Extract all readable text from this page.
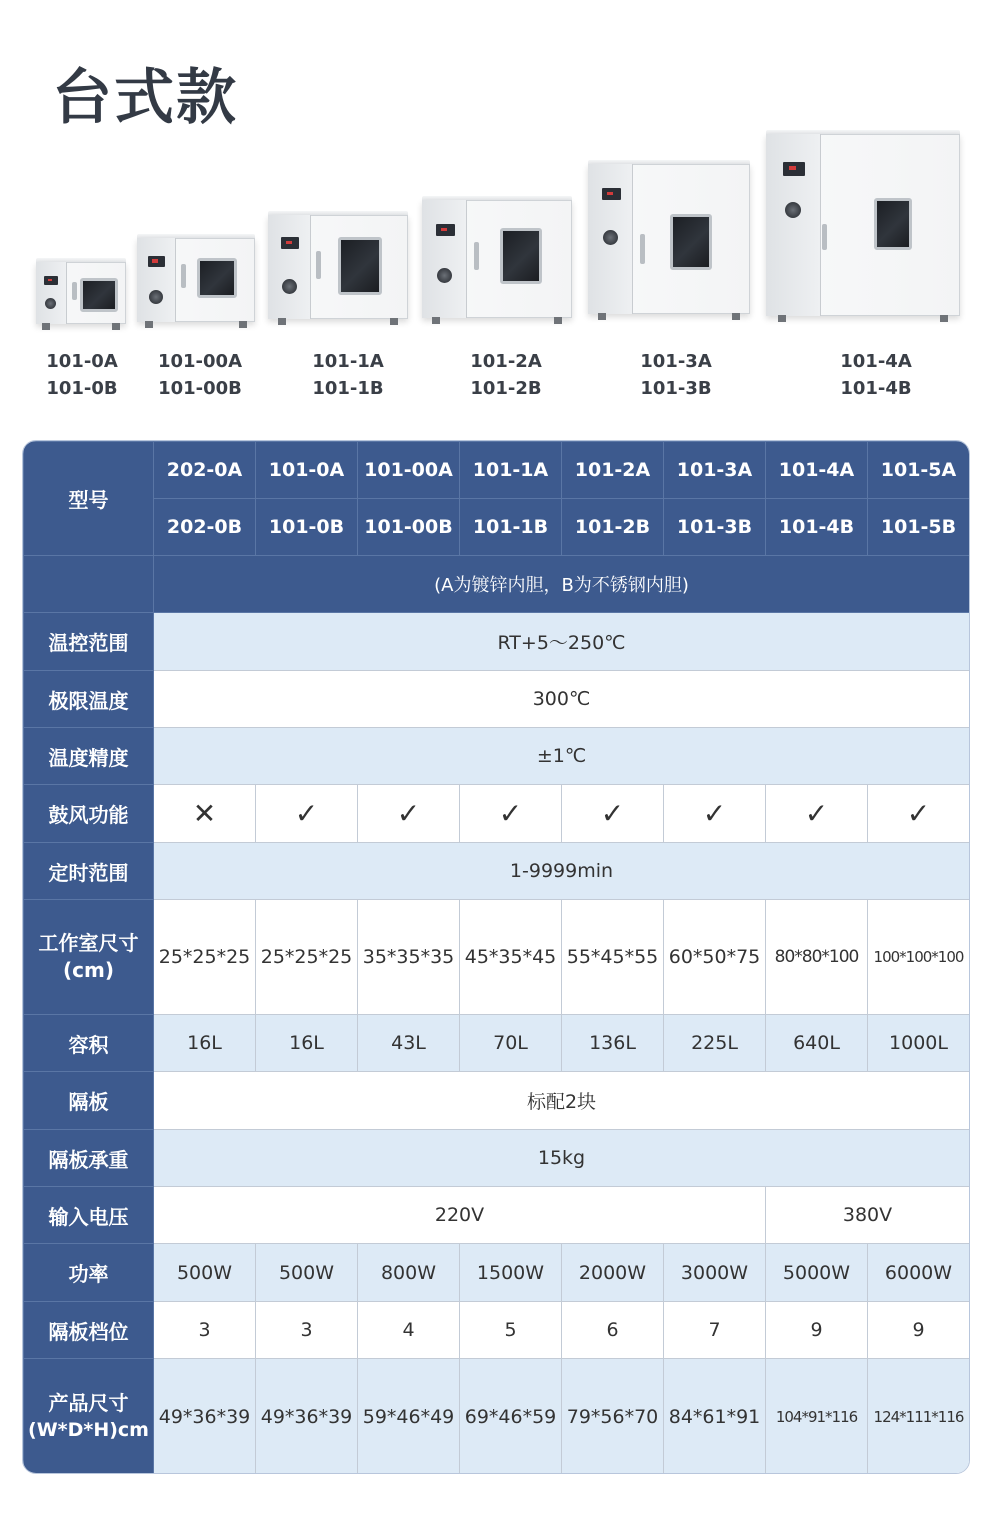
台式款
101-0A
101-0B
101-00A
101-00B
101-1A
101-1B
101-2A
101-2B
101-3A
101-3B
101-4A
101-4B
型号	202-0A	101-0A	101-00A	101-1A	101-2A	101-3A	101-4A	101-5A
	202-0B	101-0B	101-00B	101-1B	101-2B	101-3B	101-4B	101-5B
	(A为镀锌内胆，B为不锈钢内胆)							
温控范围	RT+5～250℃							
极限温度	300℃							
温度精度	±1℃							
鼓风功能	✕	✓	✓	✓	✓	✓	✓	✓
定时范围	1-9999min							

工作室尺寸
(cm)	25*25*25	25*25*25	35*35*35	45*35*45	55*45*55	60*50*75	80*80*100	100*100*100
容积	16L	16L	43L	70L	136L	225L	640L	1000L
隔板	标配2块							
隔板承重	15kg							
输入电压	220V						380V	
功率	500W	500W	800W	1500W	2000W	3000W	5000W	6000W
隔板档位	3	3	4	5	6	7	9	9

产品尺寸
(W*D*H)cm	49*36*39	49*36*39	59*46*49	69*46*59	79*56*70	84*61*91	104*91*116	124*111*116
